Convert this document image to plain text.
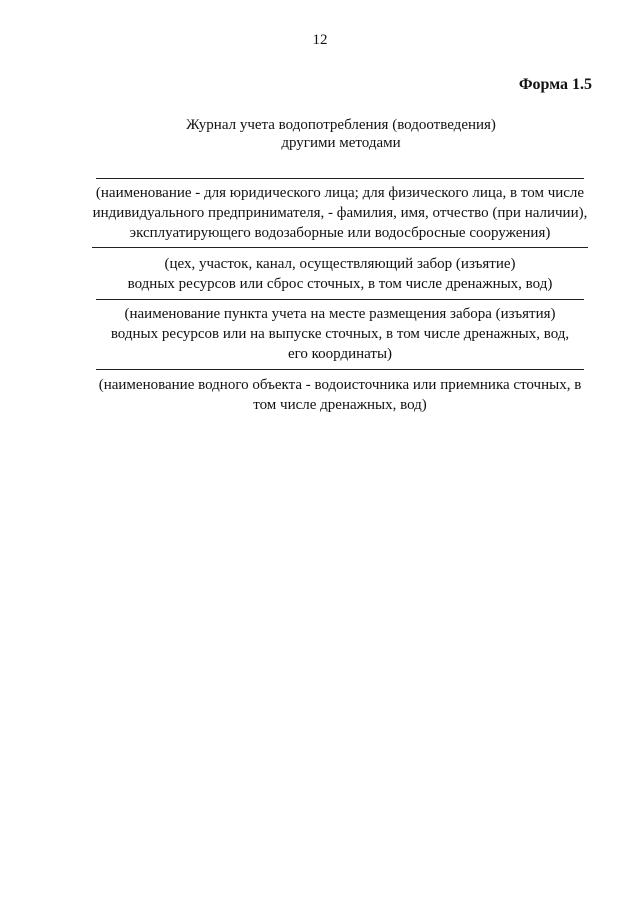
12
Форма 1.5
Журнал учета водопотребления (водоотведения)
другими методами
(наименование - для юридического лица; для физического лица, в том числе
индивидуального предпринимателя, - фамилия, имя, отчество (при наличии),
эксплуатирующего водозаборные или водосбросные сооружения)
(цех, участок, канал, осуществляющий забор (изъятие)
водных ресурсов или сброс сточных, в том числе дренажных, вод)
(наименование пункта учета на месте размещения забора (изъятия)
водных ресурсов или на выпуске сточных, в том числе дренажных, вод,
его координаты)
(наименование водного объекта - водоисточника или приемника сточных, в
том числе дренажных, вод)
